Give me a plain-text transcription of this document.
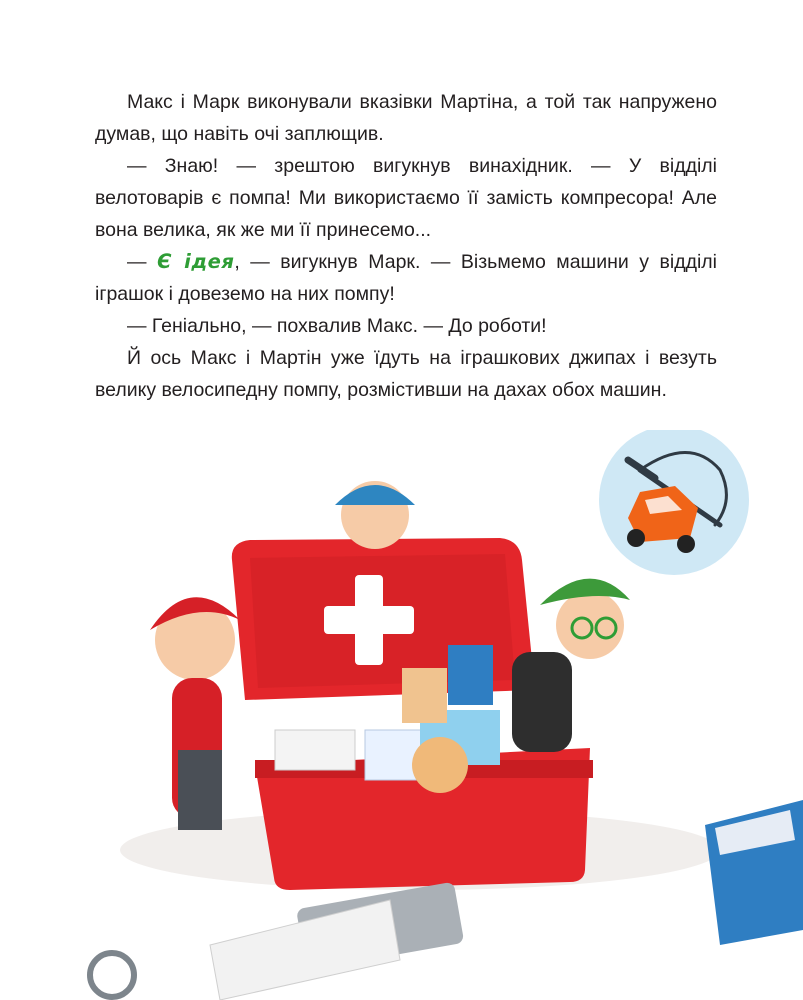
Макс і Марк виконували вказівки Мартіна, а той так напружено думав, що навіть очі заплющив.

— Знаю! — зрештою вигукнув винахідник. — У відділі велотоварів є помпа! Ми використаємо її замість компресора! Але вона велика, як же ми її принесемо...

— Є ідея, — вигукнув Марк. — Візьмемо машини у відділі іграшок і довеземо на них помпу!

— Геніально, — похвалив Макс. — До роботи!

Й ось Макс і Мартін уже їдуть на іграшкових джипах і везуть велику велосипедну помпу, розмістивши на дахах обох машин.
